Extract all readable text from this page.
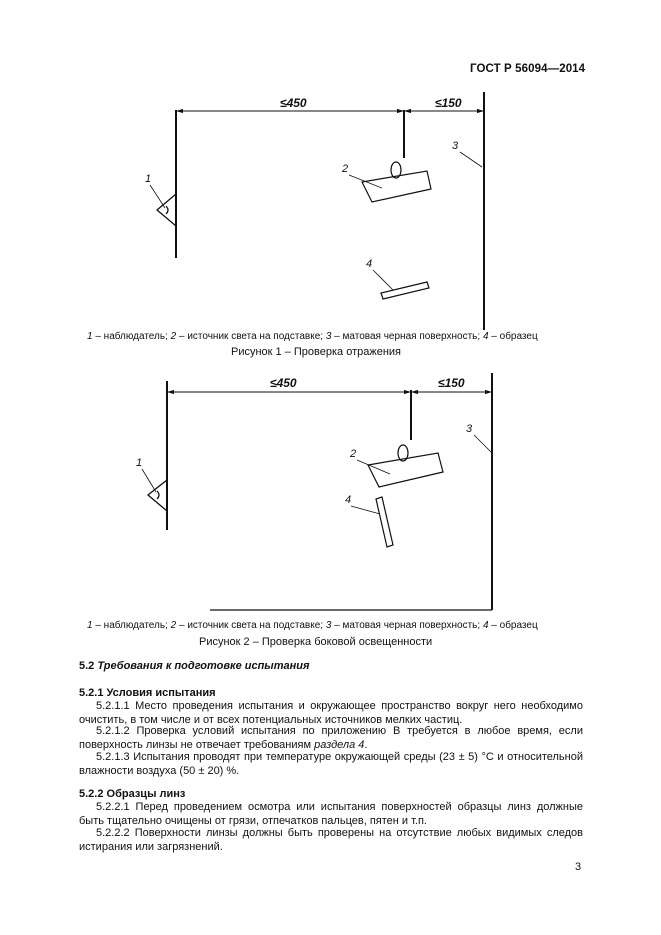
ГОСТ Р 56094—2014
≤450	≤150
1
2
3
4
1 – наблюдатель; 2 – источник света на подставке; 3 – матовая черная поверхность; 4 – образец
Рисунок 1 – Проверка отражения
≤450	≤150
1
2
3
4
1 – наблюдатель; 2 – источник света на подставке; 3 – матовая черная поверхность; 4 – образец
Рисунок 2 – Проверка боковой освещенности
5.2 Требования к подготовке испытания
5.2.1 Условия испытания
5.2.1.1 Место проведения испытания и окружающее пространство вокруг него необходимо очистить, в том числе и от всех потенциальных источников мелких частиц.
5.2.1.2 Проверка условий испытания по приложению В требуется в любое время, если поверхность линзы не отвечает требованиям раздела 4.
5.2.1.3 Испытания проводят при температуре окружающей среды (23 ± 5) °С и относительной влажности воздуха (50 ± 20) %.
5.2.2 Образцы линз
5.2.2.1 Перед проведением осмотра или испытания поверхностей образцы линз должные быть тщательно очищены от грязи, отпечатков пальцев, пятен и т.п.
5.2.2.2 Поверхности линзы должны быть проверены на отсутствие любых видимых следов истирания или загрязнений.
3
